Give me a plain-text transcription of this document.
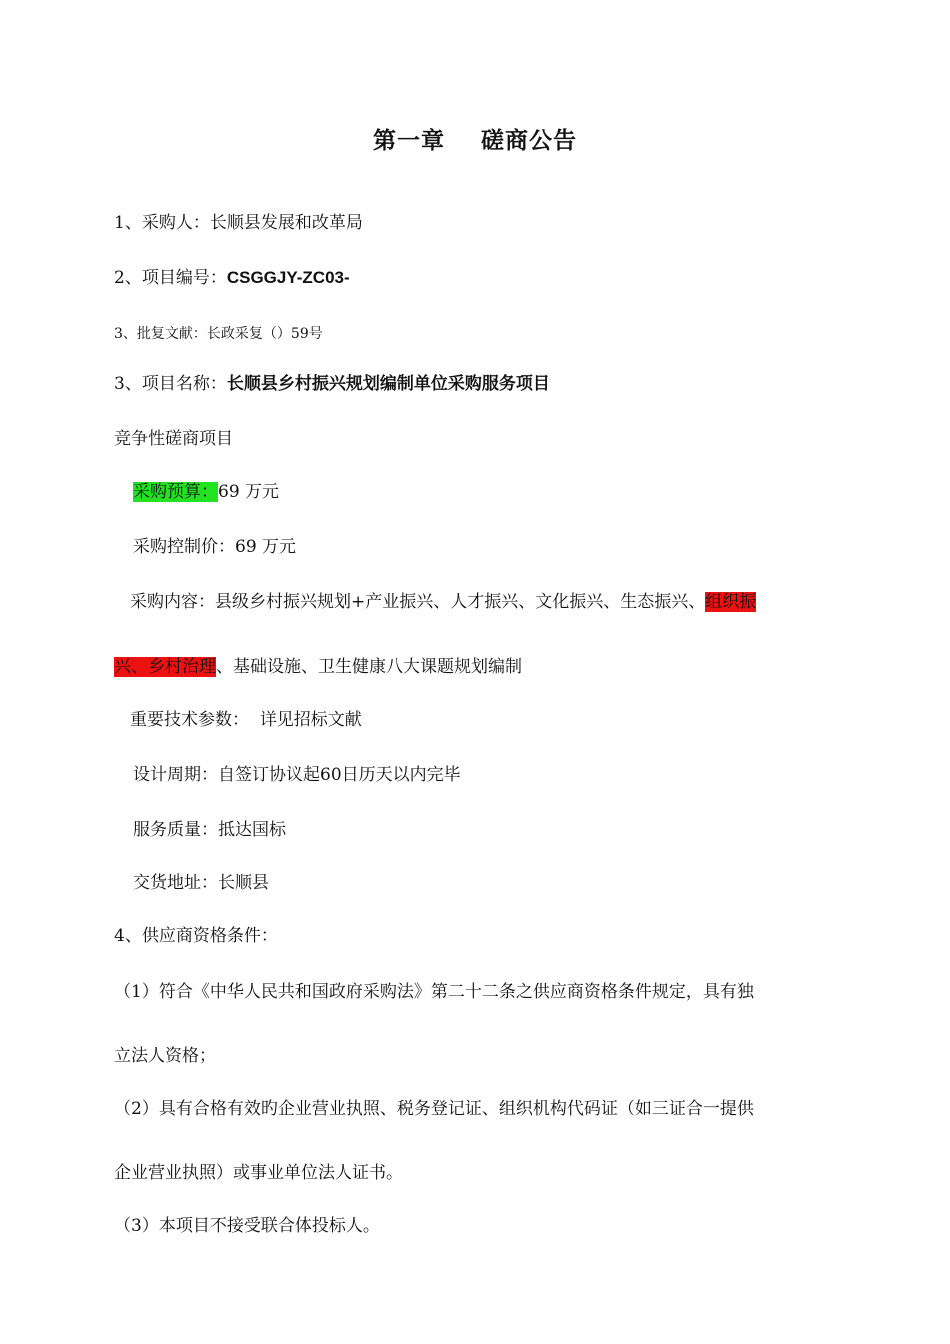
第一章    磋商公告
1、采购人：长顺县发展和改革局
2、项目编号：CSGGJY-ZC03-
3、批复文献：长政采复（）59号
3、项目名称：长顺县乡村振兴规划编制单位采购服务项目
竞争性磋商项目
采购预算：69 万元
采购控制价：69 万元
采购内容：县级乡村振兴规划+产业振兴、人才振兴、文化振兴、生态振兴、组织振
兴、乡村治理、基础设施、卫生健康八大课题规划编制
重要技术参数： 详见招标文献
设计周期：自签订协议起60日历天以内完毕
服务质量：抵达国标
交货地址：长顺县
4、供应商资格条件：
（1）符合《中华人民共和国政府采购法》第二十二条之供应商资格条件规定，具有独
立法人资格；
（2）具有合格有效旳企业营业执照、税务登记证、组织机构代码证（如三证合一提供
企业营业执照）或事业单位法人证书。
（3）本项目不接受联合体投标人。
